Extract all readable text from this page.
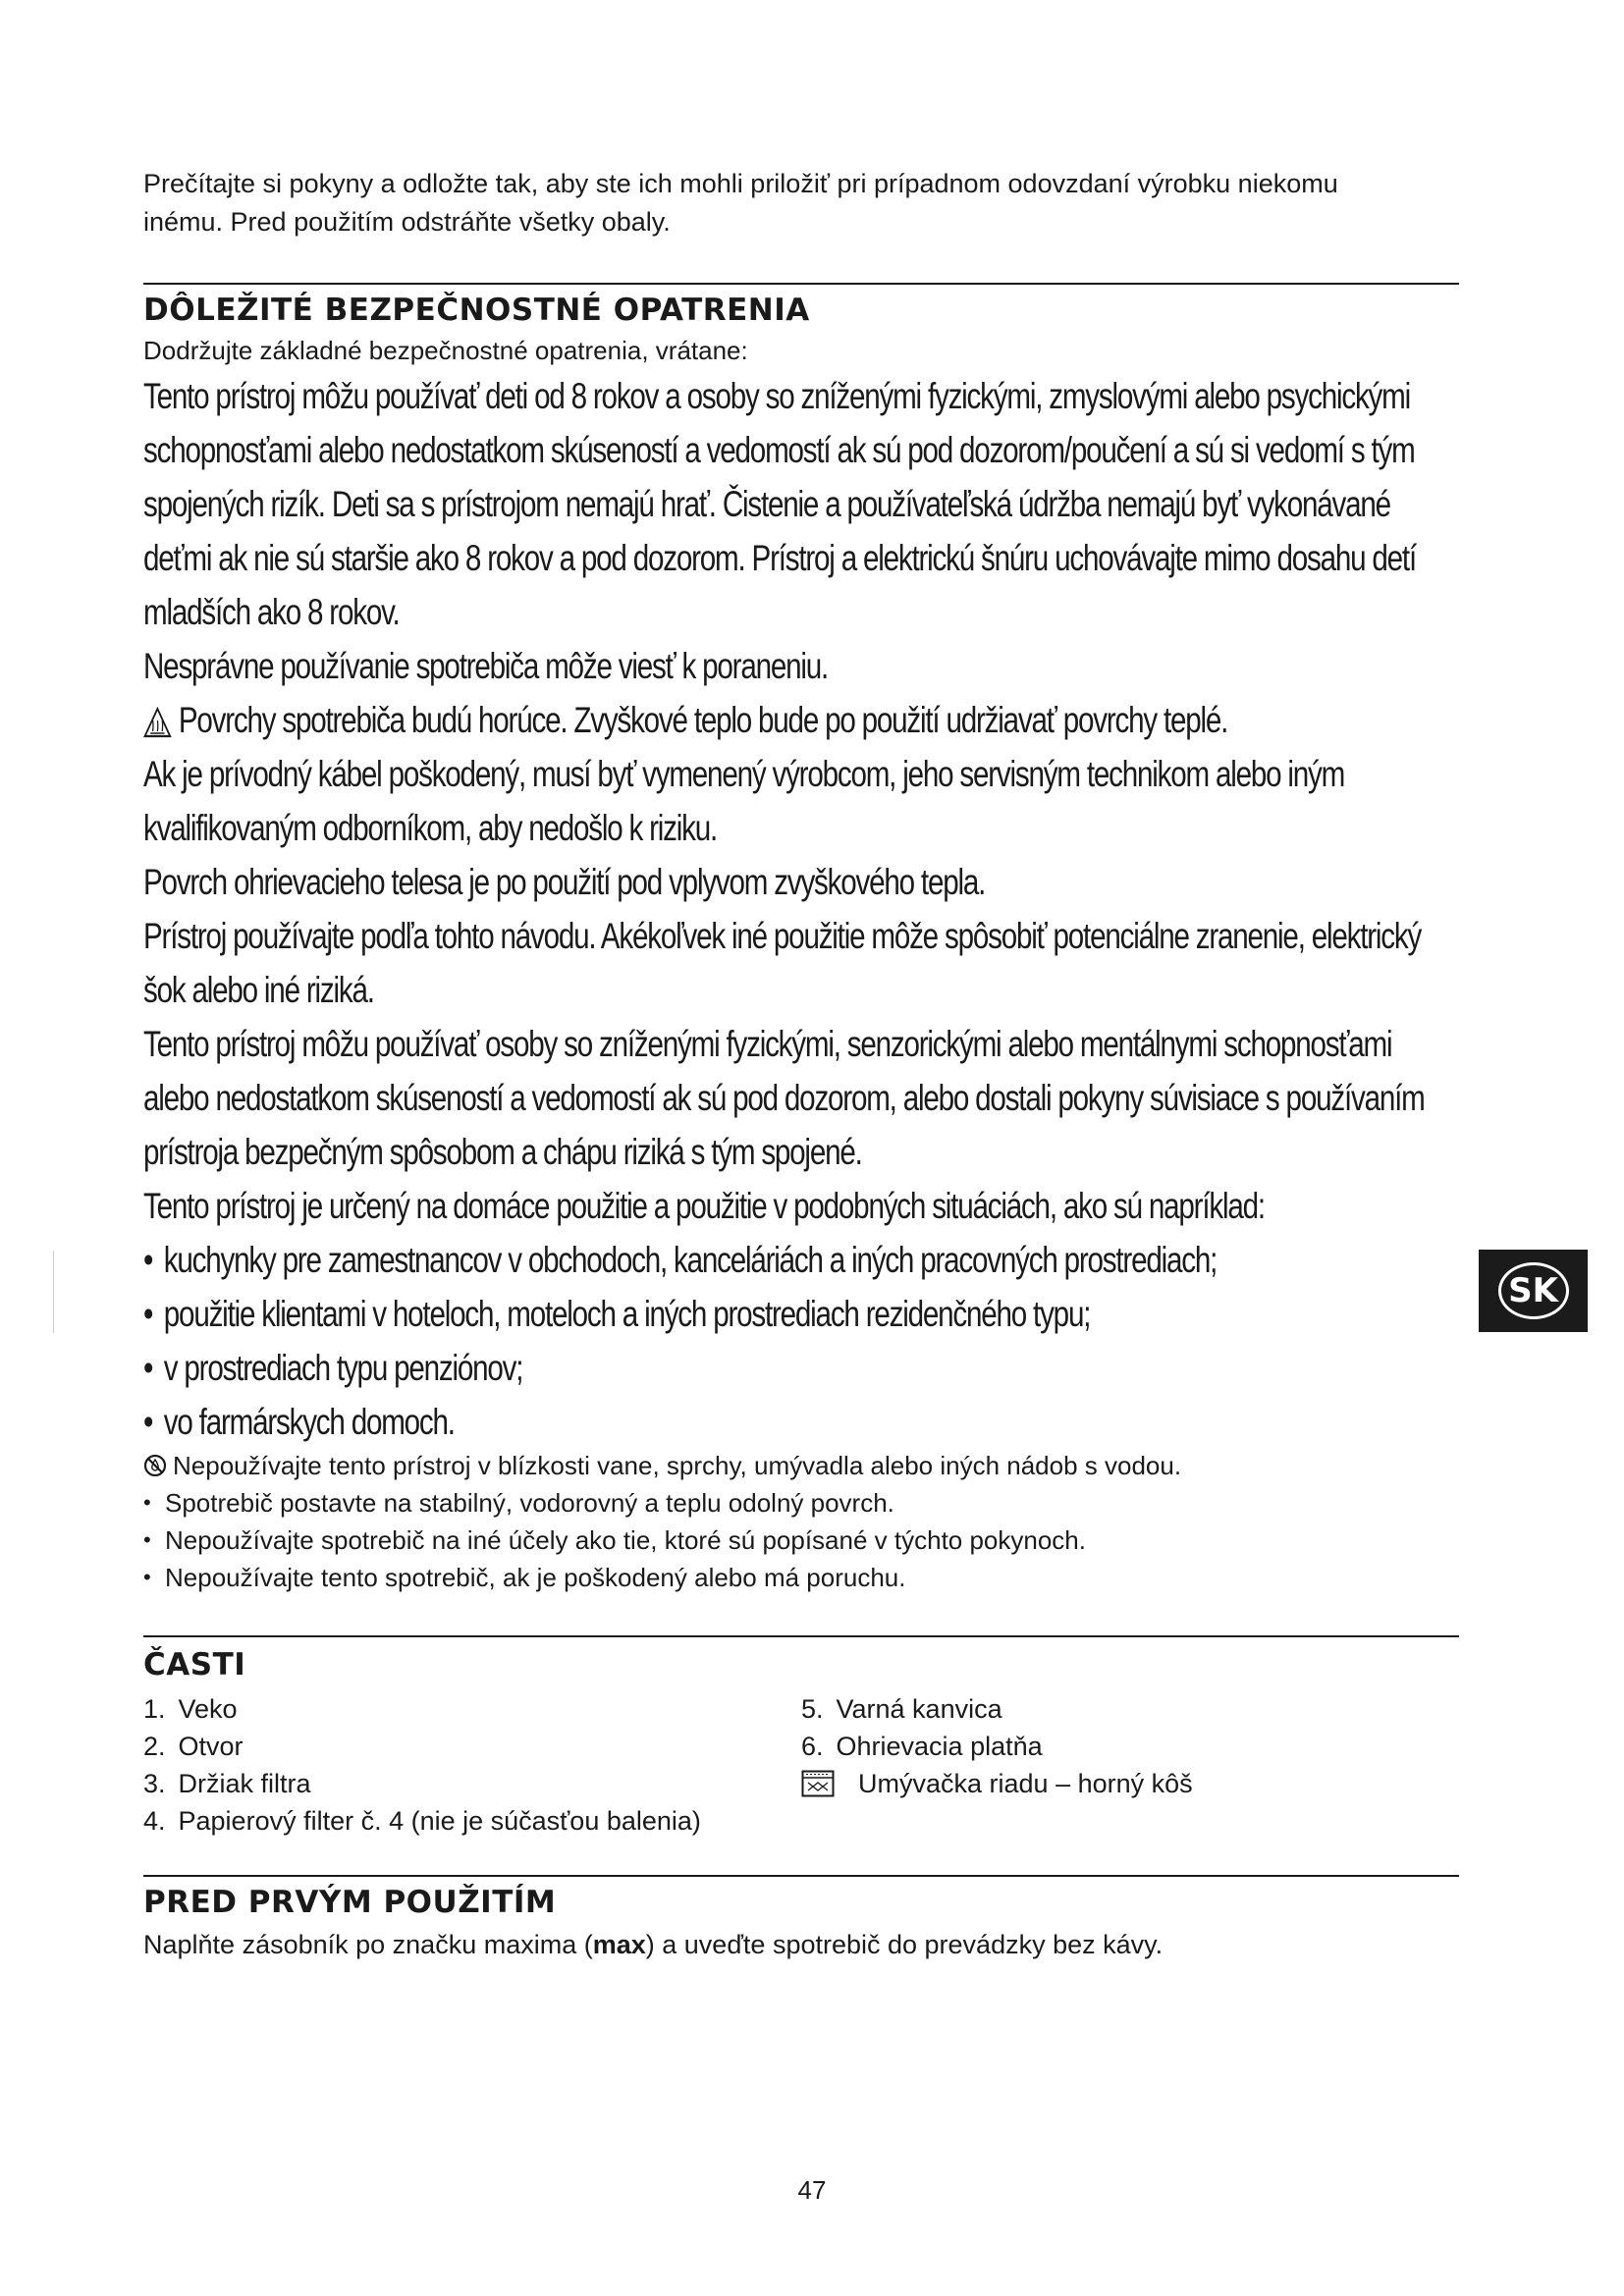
Prečítajte si pokyny a odložte tak, aby ste ich mohli priložiť pri prípadnom odovzdaní výrobku niekomu
inému. Pred použitím odstráňte všetky obaly.
DÔLEŽITÉ BEZPEČNOSTNÉ OPATRENIA

Dodržujte základné bezpečnostné opatrenia, vrátane:

Tento prístroj môžu používať deti od 8 rokov a osoby so zníženými fyzickými, zmyslovými alebo psychickými schopnosťami alebo nedostatkom skúseností a vedomostí ak sú pod dozorom/poučení a sú si vedomí s tým spojených rizík. Deti sa s prístrojom nemajú hrať. Čistenie a používateľská údržba nemajú byť vykonávané deťmi ak nie sú staršie ako 8 rokov a pod dozorom. Prístroj a elektrickú šnúru uchovávajte mimo dosahu detí mladších ako 8 rokov.

Nesprávne používanie spotrebiča môže viesť k poraneniu.

Povrchy spotrebiča budú horúce. Zvyškové teplo bude po použití udržiavať povrchy teplé.

Ak je prívodný kábel poškodený, musí byť vymenený výrobcom, jeho servisným technikom alebo iným kvalifikovaným odborníkom, aby nedošlo k riziku.

Povrch ohrievacieho telesa je po použití pod vplyvom zvyškového tepla.

Prístroj používajte podľa tohto návodu. Akékoľvek iné použitie môže spôsobiť potenciálne zranenie, elektrický šok alebo iné riziká.

Tento prístroj môžu používať osoby so zníženými fyzickými, senzorickými alebo mentálnymi schopnosťami alebo nedostatkom skúseností a vedomostí ak sú pod dozorom, alebo dostali pokyny súvisiace s používaním prístroja bezpečným spôsobom a chápu riziká s tým spojené.

Tento prístroj je určený na domáce použitie a použitie v podobných situáciách, ako sú napríklad:

• kuchynky pre zamestnancov v obchodoch, kanceláriách a iných pracovných prostrediach;
• použitie klientami v hoteloch, moteloch a iných prostrediach rezidenčného typu;
• v prostrediach typu penziónov;
• vo farmárskych domoch.
Nepoužívajte tento prístroj v blízkosti vane, sprchy, umývadla alebo iných nádob s vodou.
• Spotrebič postavte na stabilný, vodorovný a teplu odolný povrch.
• Nepoužívajte spotrebič na iné účely ako tie, ktoré sú popísané v týchto pokynoch.
• Nepoužívajte tento spotrebič, ak je poškodený alebo má poruchu.
ČASTI
1.
Veko
2.
Otvor
3.
Držiak filtra
4.
Papierový filter č. 4 (nie je súčasťou balenia)
5.
Varná kanvica
6.
Ohrievacia platňa
Umývačka riadu – horný kôš
PRED PRVÝM POUŽITÍM

Naplňte zásobník po značku maxima (max) a uveďte spotrebič do prevádzky bez kávy.

SK
47
